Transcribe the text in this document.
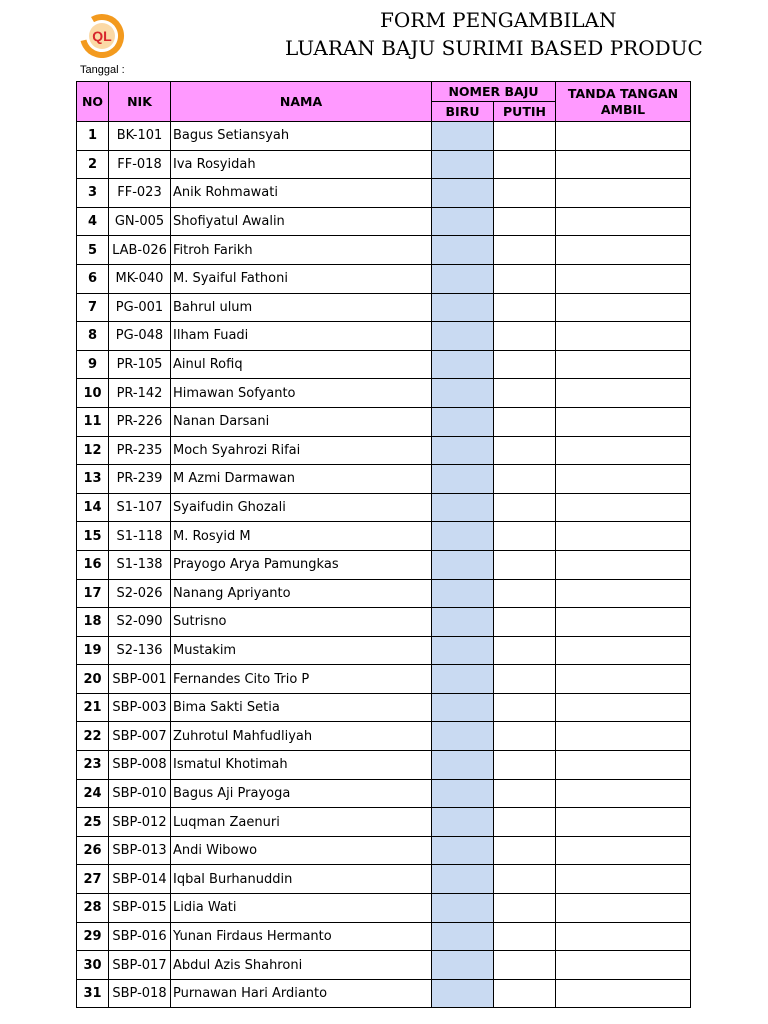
QL
FORM PENGAMBILAN
LUARAN BAJU SURIMI BASED PRODUC
Tanggal :
NO	NIK	NAMA	NOMER BAJU		TANDA TANGAN AMBIL
			BIRU	PUTIH	
1	BK-101	Bagus Setiansyah			
2	FF-018	Iva Rosyidah			
3	FF-023	Anik Rohmawati			
4	GN-005	Shofiyatul Awalin			
5	LAB-026	Fitroh Farikh			
6	MK-040	M. Syaiful Fathoni			
7	PG-001	Bahrul ulum			
8	PG-048	Ilham Fuadi			
9	PR-105	Ainul Rofiq			
10	PR-142	Himawan Sofyanto			
11	PR-226	Nanan Darsani			
12	PR-235	Moch Syahrozi Rifai			
13	PR-239	M Azmi Darmawan			
14	S1-107	Syaifudin Ghozali			
15	S1-118	M. Rosyid M			
16	S1-138	Prayogo Arya Pamungkas			
17	S2-026	Nanang Apriyanto			
18	S2-090	Sutrisno			
19	S2-136	Mustakim			
20	SBP-001	Fernandes Cito Trio P			
21	SBP-003	Bima Sakti Setia			
22	SBP-007	Zuhrotul Mahfudliyah			
23	SBP-008	Ismatul Khotimah			
24	SBP-010	Bagus Aji Prayoga			
25	SBP-012	Luqman Zaenuri			
26	SBP-013	Andi Wibowo			
27	SBP-014	Iqbal Burhanuddin			
28	SBP-015	Lidia Wati			
29	SBP-016	Yunan Firdaus Hermanto			
30	SBP-017	Abdul Azis Shahroni			
31	SBP-018	Purnawan Hari Ardianto			
